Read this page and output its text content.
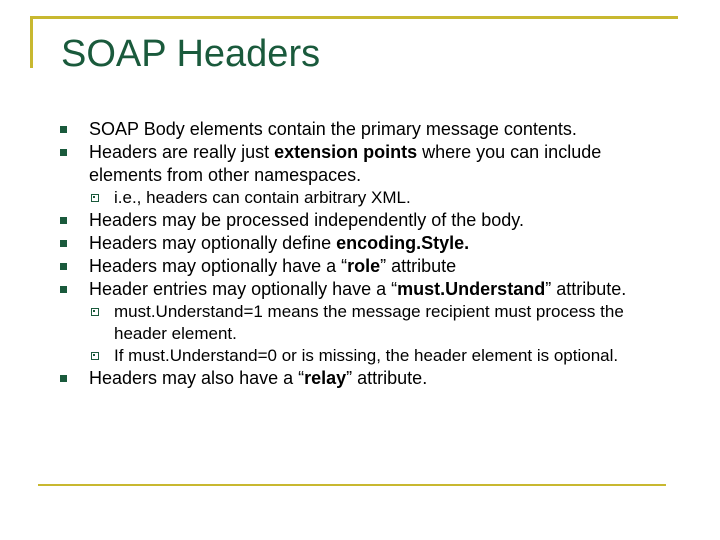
SOAP Headers
SOAP Body elements contain the primary message contents.
Headers are really just extension points where you can include elements from other namespaces.
i.e., headers can contain arbitrary XML.
Headers may be processed independently of the body.
Headers may optionally define encoding.Style.
Headers may optionally have a “role” attribute
Header entries may optionally have a “must.Understand” attribute.
must.Understand=1 means the message recipient must process the header element.
If must.Understand=0 or is missing, the header element is optional.
Headers may also have a “relay” attribute.
